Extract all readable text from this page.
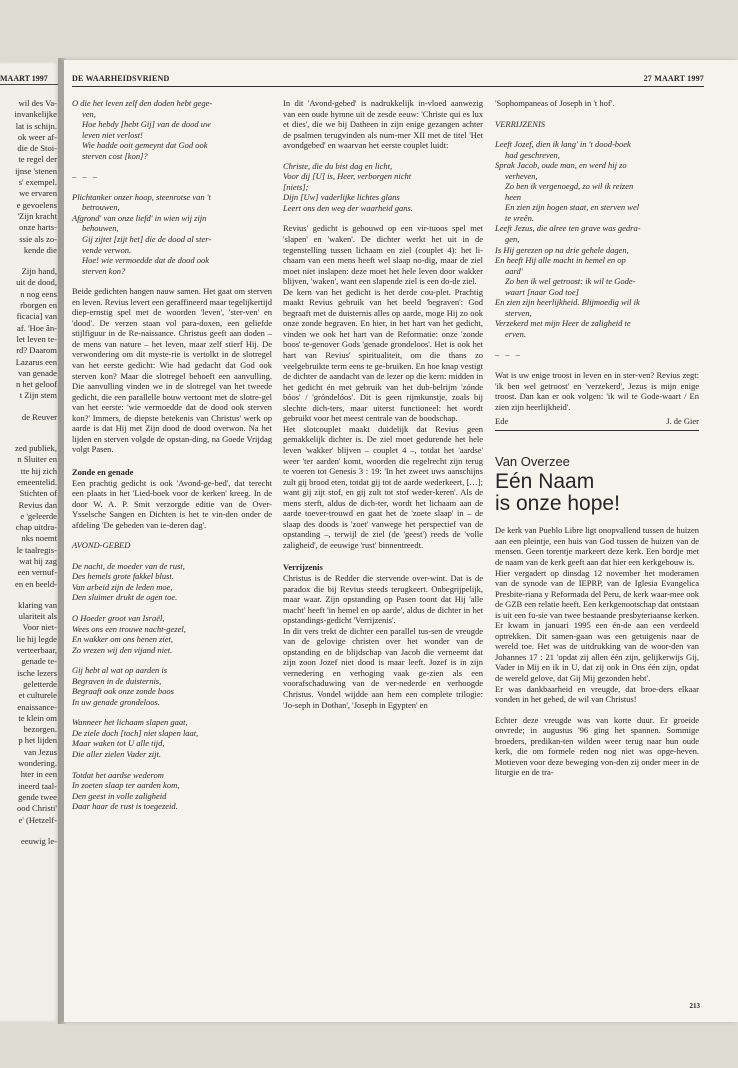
MAART 1997
wil des Va-
invankelijke
lat is schijn.
ok weer af-
die de Stoi-
te regel der
ijnse 'stenen
s' exempel.
we ervaren
e gevoelens
'Zijn kracht
onze harts-
ssie als zo-
kende die
Zijn hand,
uit de dood,
n nog eens
rborgen en
ficacia] van
af. 'Hoe ân-
let leven te-
rd? Daarom
Lazarus een
van genade
n het geloof
t Zijn stem
de Reuver
zed publiek,
n Sluiter en
tte hij zich
emeentelid.
Stichten of
Revius dan
e 'geleerde
chap uitdra-
nks noemt
le taalregis-
wat hij zag
een vernuf-
en en beeld-
klaring van
ulariteit als
Voor niet-
lie hij legde
verteerbaar,
genade te-
ische lezers
geletterde
et culturele
enaissance-
te klein om
bezorgen.
p het lijden
van Jezus
wondering.
hter in een
ineerd taal-
gende twee
ood Christi'
e' (Hetzelf-
eeuwig le-
DE WAARHEIDSVRIEND	27 MAART 1997
O die het leven zelf den doden hebt gege-
ven,
Hoe hebdy [hebt Gij] van de dood uw
leven niet verlost!
Wie hadde ooit gemeynt dat God ook
sterven cost [kon]?
– – –
Plichtanker onzer hoop, steenrotse van 't
betrouwen,
Afgrond' van onze liefd' in wien wij zijn
behouwen,
Gij zijtet [zijt het] die de dood al ster-
vende verwon.
Hoe! wie vermoedde dat de dood ook
sterven kon?

Beide gedichten hangen nauw samen. Het gaat om sterven en leven. Revius levert een geraffineerd maar tegelijkertijd diep-ernstig spel met de woorden 'leven', 'ster-ven' en 'dood'. De verzen staan vol para-doxen, een geliefde stijlfiguur in de Re-naissance. Christus geeft aan doden – de mens van nature – het leven, maar zelf stierf Hij. De verwondering om dit myste-rie is vertolkt in de slotregel van het eerste gedicht: Wie had gedacht dat God ook sterven kon? Maar die slotregel behoeft een aanvulling. Die aanvulling vinden we in de slotregel van het tweede gedicht, die een parallelle bouw vertoont met de slotre-gel van het eerste: 'wie vermoedde dat de dood ook sterven kon?' Immers, de diepste betekenis van Christus' werk op aarde is dat Hij met Zijn dood de dood overwon. Na het lijden en sterven volgde de opstan-ding, na Goede Vrijdag volgt Pasen.

Zonde en genade

Een prachtig gedicht is ook 'Avond-ge-bed', dat terecht een plaats in het 'Lied-boek voor de kerken' kreeg. In de door W. A. P. Smit verzorgde editie van de Over-Ysselsche Sangen en Dichten is het te vin-den onder de afdeling 'De gebeden van ie-deren dag'.

AVOND-GEBED
De nacht, de moeder van de rust,
Des hemels grote fakkel blust.
Van arbeid zijn de leden moe,
Den sluimer drukt de ogen toe.
O Hoeder groot van Israël,
Wees ons een trouwe nacht-gezel,
En wakker om ons henen ziet,
Zo vrezen wij den vijand niet.
Gij hebt al wat op aarden is
Begraven in de duisternis,
Begraaft ook onze zonde boos
In uw genade grondeloos.
Wanneer het lichaam slapen gaat,
De ziele doch [toch] niet slapen laat,
Maar waken tot U alle tijd,
Die aller zielen Vader zijt.
Totdat het aardse wederom
In zoeten slaap ter aarden kom,
Den geest in volle zaligheid
Daar haar de rust is toegezeid.

In dit 'Avond-gebed' is nadrukkelijk in-vloed aanwezig van een oude hymne uit de zesde eeuw: 'Christe qui es lux et dies', die we bij Datheen in zijn enige gezangen achter de psalmen terugvinden als num-mer XII met de titel 'Het avondgebed' en waarvan het eerste couplet luidt:

Christe, die du bist dag en licht,
Voor dij [U] is, Heer, verborgen nicht
[niets];
Dijn [Uw] vaderlijke lichtes glans
Leert ons den weg der waarheid gans.

Revius' gedicht is gebouwd op een vir-tuoos spel met 'slapen' en 'waken'. De dichter werkt het uit in de tegenstelling tussen lichaam en ziel (couplet 4): het li-chaam van een mens heeft wel slaap no-dig, maar de ziel moet niet inslapen: deze moet het hele leven door wakker blijven, 'waken', want een slapende ziel is een do-de ziel.

De kern van het gedicht is het derde cou-plet. Prachtig maakt Revius gebruik van het beeld 'begraven': God begraaft met de duisternis alles op aarde, moge Hij zo ook onze zonde begraven. En hier, in het hart van het gedicht, vinden we ook het hart van de Reformatie: onze 'zonde boos' te-genover Gods 'genade grondeloos'. Het is ook het hart van Revius' spiritualiteit, om die thans zo veelgebruikte term eens te ge-bruiken. En hoe knap vestigt de dichter de aandacht van de lezer op die kern: midden in het gedicht én met gebruik van het dub-belrijm 'zónde bóos' / 'gróndelóos'. Dit is geen rijmkunstje, zoals bij slechte dich-ters, maar uiterst functioneel: het wordt gebruikt voor het meest centrale van de boodschap.

Het slotcouplet maakt duidelijk dat Revius geen gemakkelijk dichter is. De ziel moet gedurende het hele leven 'wakker' blijven – couplet 4 –, totdat het 'aardse' weer 'ter aarden' komt, woorden die regelrecht zijn terug te voeren tot Genesis 3 : 19: 'In het zweet uws aanschijns zult gij brood eten, totdat gij tot de aarde wederkeert, […]; want gij zijt stof, en gij zult tot stof weder-keren'. Als de mens sterft, aldus de dich-ter, wordt het lichaam aan de aarde toever-trouwd en gaat het de 'zoete slaap' in – de slaap des doods is 'zoet' vanwege het perspectief van de opstanding –, terwijl de ziel (de 'geest') reeds de 'volle zaligheid', de eeuwige 'rust' binnentreedt.

Verrijzenis

Christus is de Redder die stervende over-wint. Dat is de paradox die bij Revius steeds terugkeert. Onbegrijpelijk, maar waar. Zijn opstanding op Pasen toont dat Hij 'alle macht' heeft 'in hemel en op aarde', aldus de dichter in het opstandings-gedicht 'Verrijzenis'.

In dit vers trekt de dichter een parallel tus-sen de vreugde van de gelovige christen over het wonder van de opstanding en de blijdschap van Jacob die verneemt dat zijn zoon Jozef niet dood is maar leeft. Jozef is in zijn vernedering en verhoging vaak ge-zien als een voorafschaduwing van de ver-nederde en verhoogde Christus. Vondel wijdde aan hem een complete trilogie: 'Jo-seph in Dothan', 'Joseph in Egypten' en

'Sophompaneas of Joseph in 't hof'.

VERRIJZENIS
Leeft Jozef, dien ik lang' in 't dood-boek
had geschreven,
Sprak Jacob, oude man, en werd hij zo
verheven,
Zo ben ik vergenoegd, zo wil ik reizen
heen
En zien zijn hogen staat, en sterven wel
te vreên.
Leeft Jezus, die alree ten grave was gedra-
gen,
Is Hij gerezen op na drie gehele dagen,
En heeft Hij alle macht in hemel en op
aard'
Zo ben ik wel getroost: ik wil te Gode-
waart [naar God toe]
En zien zijn heerlijkheid. Blijmoedig wil ik
sterven,
Verzekerd met mijn Heer de zaligheid te
erven.
– – –

Wat is uw enige troost in leven en in ster-ven? Revius zegt: 'ik ben wel getroost' en 'verzekerd', Jezus is mijn enige troost. Dan kan er ook volgen: 'ik wil te Gode-waart / En zien zijn heerlijkheid'.

Ede	J. de Gier
Van Overzee
Eén Naam
is onze hope!

De kerk van Pueblo Libre ligt onopvallend tussen de huizen aan een pleintje, een huis van God tussen de huizen van de mensen. Geen torentje markeert deze kerk. Een bordje met de naam van de kerk geeft aan dat hier een kerkgebouw is.

Hier vergadert op dinsdag 12 november het moderamen van de synode van de IEPRP, van de Iglesia Evangelica Presbite-riana y Reformada del Peru, de kerk waar-mee ook de GZB een relatie heeft. Een kerkgenootschap dat ontstaan is uit een fu-sie van twee bestaande presbyteriaanse kerken. Er kwam in januari 1995 een én-de aan een verdeeld optrekken. Dit samen-gaan was een getuigenis naar de wereld toe. Het was de uitdrukking van de woor-den van Johannes 17 : 21 'opdat zij allen één zijn, gelijkerwijs Gij, Vader in Mij en ik in U, dat zij ook in Ons één zijn, opdat de wereld gelove, dat Gij Mij gezonden hebt'.

Er was dankbaarheid en vreugde, dat broe-ders elkaar vonden in het gebed, de wil van Christus!

Echter deze vreugde was van korte duur. Er groeide onvrede; in augustus '96 ging het spannen. Sommige broeders, predikan-ten wilden weer terug naar hun oude kerk, die om formele reden nog niet was opge-heven. Motieven voor deze beweging von-den zij onder meer in de liturgie en de tra-

213
